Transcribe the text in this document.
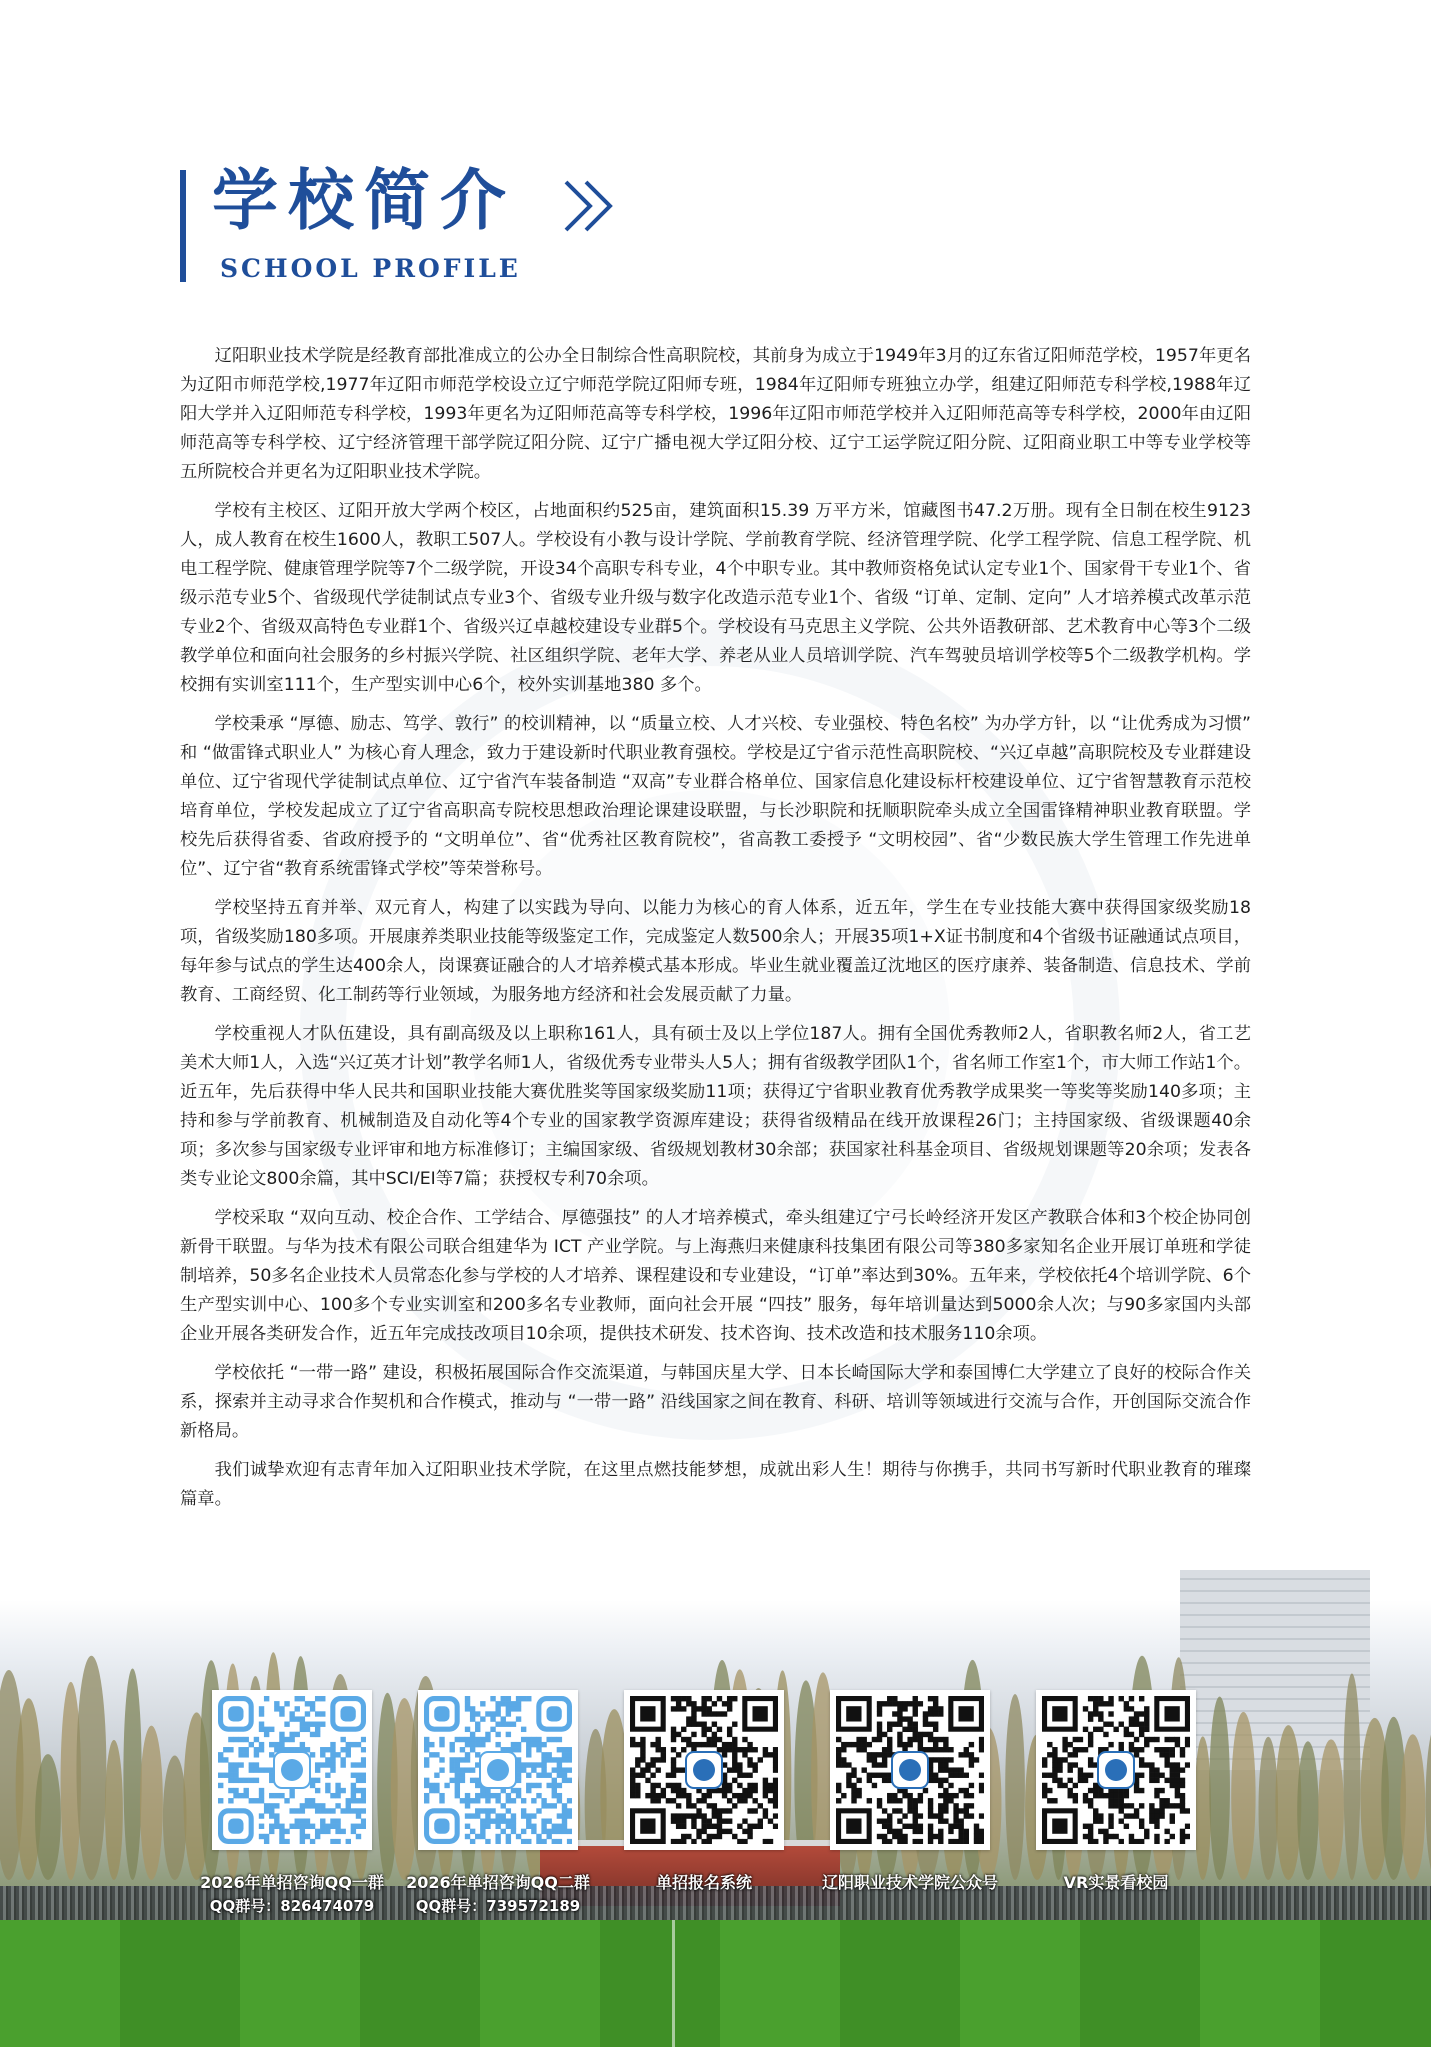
学校简介
SCHOOL PROFILE

辽阳职业技术学院是经教育部批准成立的公办全日制综合性高职院校，其前身为成立于1949年3月的辽东省辽阳师范学校，1957年更名为辽阳市师范学校,1977年辽阳市师范学校设立辽宁师范学院辽阳师专班，1984年辽阳师专班独立办学，组建辽阳师范专科学校,1988年辽阳大学并入辽阳师范专科学校，1993年更名为辽阳师范高等专科学校，1996年辽阳市师范学校并入辽阳师范高等专科学校，2000年由辽阳师范高等专科学校、辽宁经济管理干部学院辽阳分院、辽宁广播电视大学辽阳分校、辽宁工运学院辽阳分院、辽阳商业职工中等专业学校等五所院校合并更名为辽阳职业技术学院。

学校有主校区、辽阳开放大学两个校区，占地面积约525亩，建筑面积15.39 万平方米，馆藏图书47.2万册。现有全日制在校生9123人，成人教育在校生1600人，教职工507人。学校设有小教与设计学院、学前教育学院、经济管理学院、化学工程学院、信息工程学院、机电工程学院、健康管理学院等7个二级学院，开设34个高职专科专业，4个中职专业。其中教师资格免试认定专业1个、国家骨干专业1个、省级示范专业5个、省级现代学徒制试点专业3个、省级专业升级与数字化改造示范专业1个、省级 “订单、定制、定向” 人才培养模式改革示范专业2个、省级双高特色专业群1个、省级兴辽卓越校建设专业群5个。学校设有马克思主义学院、公共外语教研部、艺术教育中心等3个二级教学单位和面向社会服务的乡村振兴学院、社区组织学院、老年大学、养老从业人员培训学院、汽车驾驶员培训学校等5个二级教学机构。学校拥有实训室111个，生产型实训中心6个，校外实训基地380 多个。

学校秉承 “厚德、励志、笃学、敦行” 的校训精神，以 “质量立校、人才兴校、专业强校、特色名校” 为办学方针，以 “让优秀成为习惯” 和 “做雷锋式职业人” 为核心育人理念，致力于建设新时代职业教育强校。学校是辽宁省示范性高职院校、“兴辽卓越”高职院校及专业群建设单位、辽宁省现代学徒制试点单位、辽宁省汽车装备制造 “双高”专业群合格单位、国家信息化建设标杆校建设单位、辽宁省智慧教育示范校培育单位，学校发起成立了辽宁省高职高专院校思想政治理论课建设联盟，与长沙职院和抚顺职院牵头成立全国雷锋精神职业教育联盟。学校先后获得省委、省政府授予的 “文明单位”、省“优秀社区教育院校”，省高教工委授予 “文明校园”、省“少数民族大学生管理工作先进单位”、辽宁省“教育系统雷锋式学校”等荣誉称号。

学校坚持五育并举、双元育人，构建了以实践为导向、以能力为核心的育人体系，近五年，学生在专业技能大赛中获得国家级奖励18项，省级奖励180多项。开展康养类职业技能等级鉴定工作，完成鉴定人数500余人；开展35项1+X证书制度和4个省级书证融通试点项目，每年参与试点的学生达400余人，岗课赛证融合的人才培养模式基本形成。毕业生就业覆盖辽沈地区的医疗康养、装备制造、信息技术、学前教育、工商经贸、化工制药等行业领域，为服务地方经济和社会发展贡献了力量。

学校重视人才队伍建设，具有副高级及以上职称161人，具有硕士及以上学位187人。拥有全国优秀教师2人，省职教名师2人，省工艺美术大师1人，入选“兴辽英才计划”教学名师1人，省级优秀专业带头人5人；拥有省级教学团队1个，省名师工作室1个，市大师工作站1个。近五年，先后获得中华人民共和国职业技能大赛优胜奖等国家级奖励11项；获得辽宁省职业教育优秀教学成果奖一等奖等奖励140多项；主持和参与学前教育、机械制造及自动化等4个专业的国家教学资源库建设；获得省级精品在线开放课程26门；主持国家级、省级课题40余项；多次参与国家级专业评审和地方标准修订；主编国家级、省级规划教材30余部；获国家社科基金项目、省级规划课题等20余项；发表各类专业论文800余篇，其中SCI/EI等7篇；获授权专利70余项。

学校采取 “双向互动、校企合作、工学结合、厚德强技” 的人才培养模式，牵头组建辽宁弓长岭经济开发区产教联合体和3个校企协同创新骨干联盟。与华为技术有限公司联合组建华为 ICT 产业学院。与上海燕归来健康科技集团有限公司等380多家知名企业开展订单班和学徒制培养，50多名企业技术人员常态化参与学校的人才培养、课程建设和专业建设，“订单”率达到30%。五年来，学校依托4个培训学院、6个生产型实训中心、100多个专业实训室和200多名专业教师，面向社会开展 “四技” 服务，每年培训量达到5000余人次；与90多家国内头部企业开展各类研发合作，近五年完成技改项目10余项，提供技术研发、技术咨询、技术改造和技术服务110余项。

学校依托 “一带一路” 建设，积极拓展国际合作交流渠道，与韩国庆星大学、日本长崎国际大学和泰国博仁大学建立了良好的校际合作关系，探索并主动寻求合作契机和合作模式，推动与 “一带一路” 沿线国家之间在教育、科研、培训等领域进行交流与合作，开创国际交流合作新格局。

我们诚挚欢迎有志青年加入辽阳职业技术学院，在这里点燃技能梦想，成就出彩人生！期待与你携手，共同书写新时代职业教育的璀璨篇章。

2026年单招咨询QQ一群
QQ群号：826474079
2026年单招咨询QQ二群
QQ群号：739572189
单招报名系统	辽阳职业技术学院公众号	VR实景看校园
